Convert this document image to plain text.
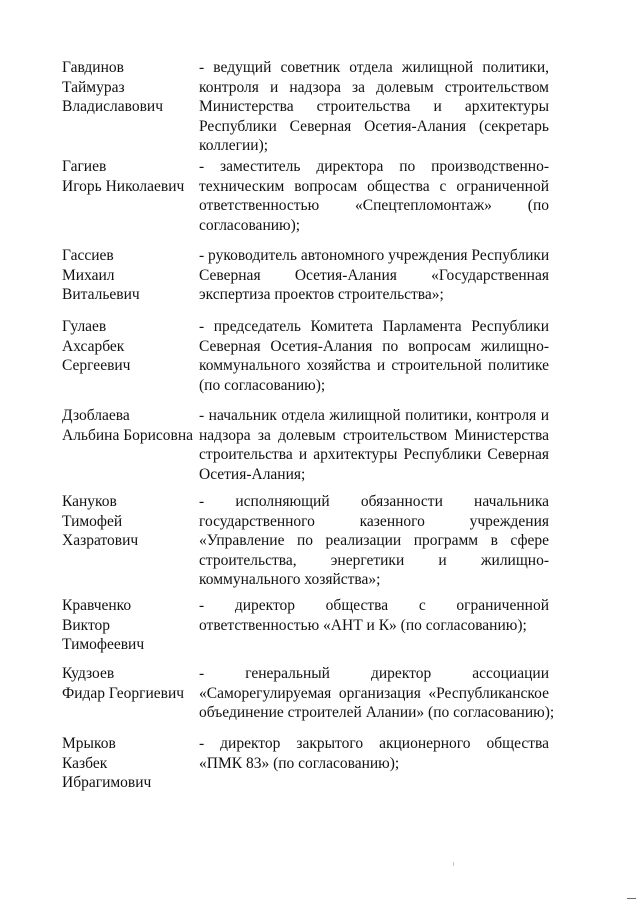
Гавдинов
Таймураз
Владиславович
- ведущий советник отдела жилищной политики,
контроля и надзора за долевым строительством
Министерства строительства и архитектуры
Республики Северная Осетия-Алания (секретарь
коллегии);
Гагиев
Игорь Николаевич
- заместитель директора по производственно-
техническим вопросам общества с ограниченной
ответственностью «Спецтепломонтаж» (по
согласованию);
Гассиев
Михаил
Витальевич
- руководитель автономного учреждения Республики
Северная Осетия-Алания «Государственная
экспертиза проектов строительства»;
Гулаев
Ахсарбек
Сергеевич
- председатель Комитета Парламента Республики
Северная Осетия-Алания по вопросам жилищно-
коммунального хозяйства и строительной политике
(по согласованию);
Дзоблаева
Альбина Борисовна
- начальник отдела жилищной политики, контроля и
надзора за долевым строительством Министерства
строительства и архитектуры Республики Северная
Осетия-Алания;
Кануков
Тимофей
Хазратович
- исполняющий обязанности начальника
государственного казенного учреждения
«Управление по реализации программ в сфере
строительства, энергетики и жилищно-
коммунального хозяйства»;
Кравченко
Виктор
Тимофеевич
- директор общества с ограниченной
ответственностью «АНТ и К» (по согласованию);
Кудзоев
Фидар Георгиевич
- генеральный директор ассоциации
«Саморегулируемая организация «Республиканское
объединение строителей Алании» (по согласованию);
Мрыков
Казбек
Ибрагимович
- директор закрытого акционерного общества
«ПМК 83» (по согласованию);
